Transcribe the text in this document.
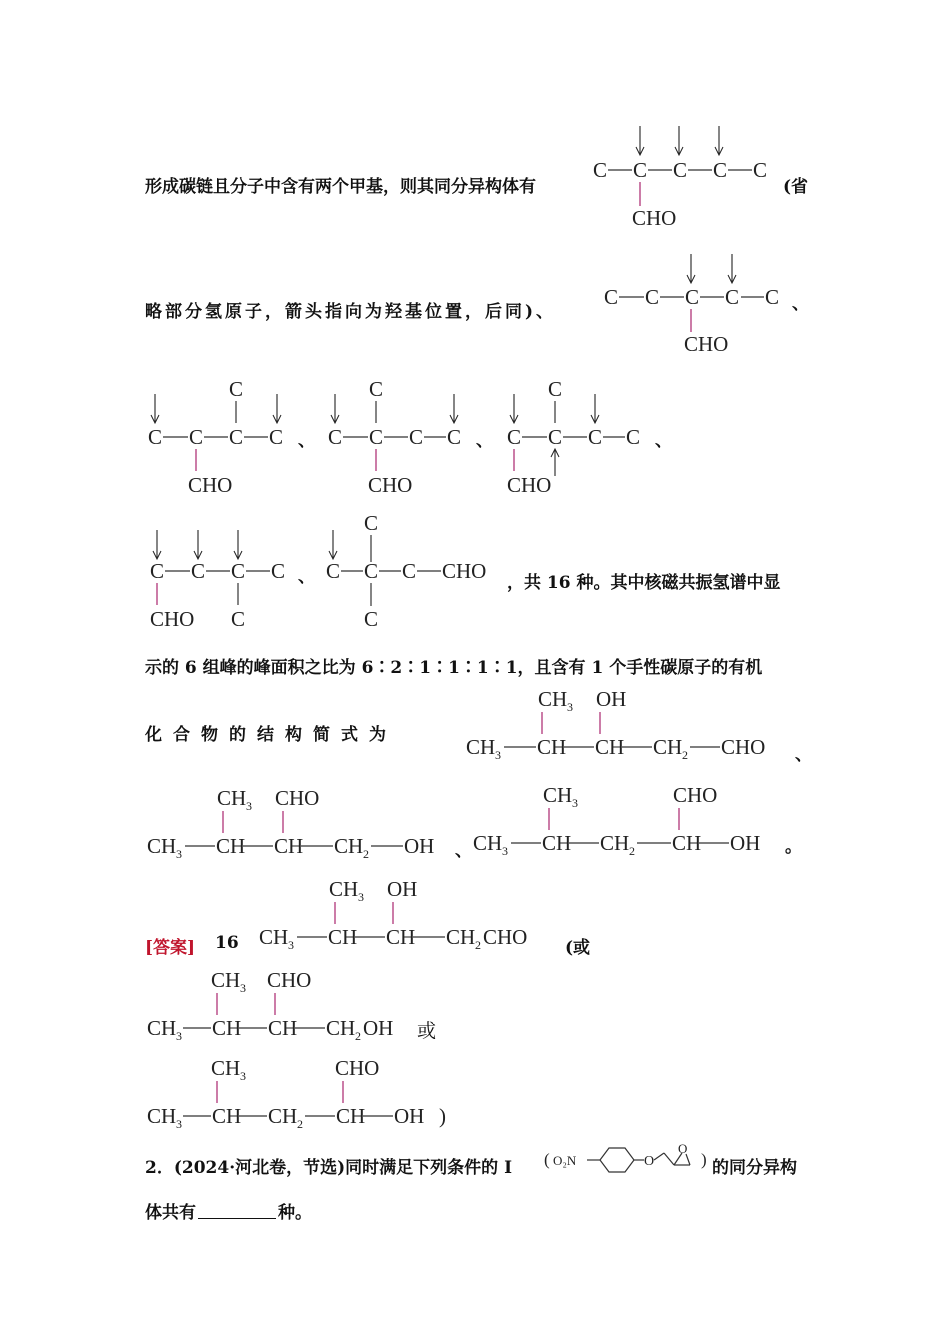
形成碳链且分子中含有两个甲基，则其同分异构体有
C C C C C
CHO
(省
略部分氢原子，箭头指向为羟基位置，后同)、
C C C C C
CHO
、
C
C C C C
CHO
、
C
C C C C
CHO
、
C
C C C C
CHO
、
C C C C
CHO C
、
C
C C C CHO
C
，共 16 种。其中核磁共振氢谱中显
示的 6 组峰的峰面积之比为 6∶2∶1∶1∶1∶1，且含有 1 个手性碳原子的有机
化合物的结构简式为
CH 3 OH
CH 3 CH CH CH 2 CHO 、
CH 3 CHO
CH 3 CH CH CH 2 OH 、
CH 3	CHO
CH 3 CH CH 2 CH OH 。
[答案] 16
CH 3 OH
CH 3 CH CH CH 2 CHO (或
CH 3 CHO
CH 3 CH CH CH 2 OH 或
CH 3	CHO
CH 3 CH CH 2 CH OH )
2．(2024·河北卷，节选)同时满足下列条件的 I ( O₂N	O
O
) 的同分异构
体共有	种。
